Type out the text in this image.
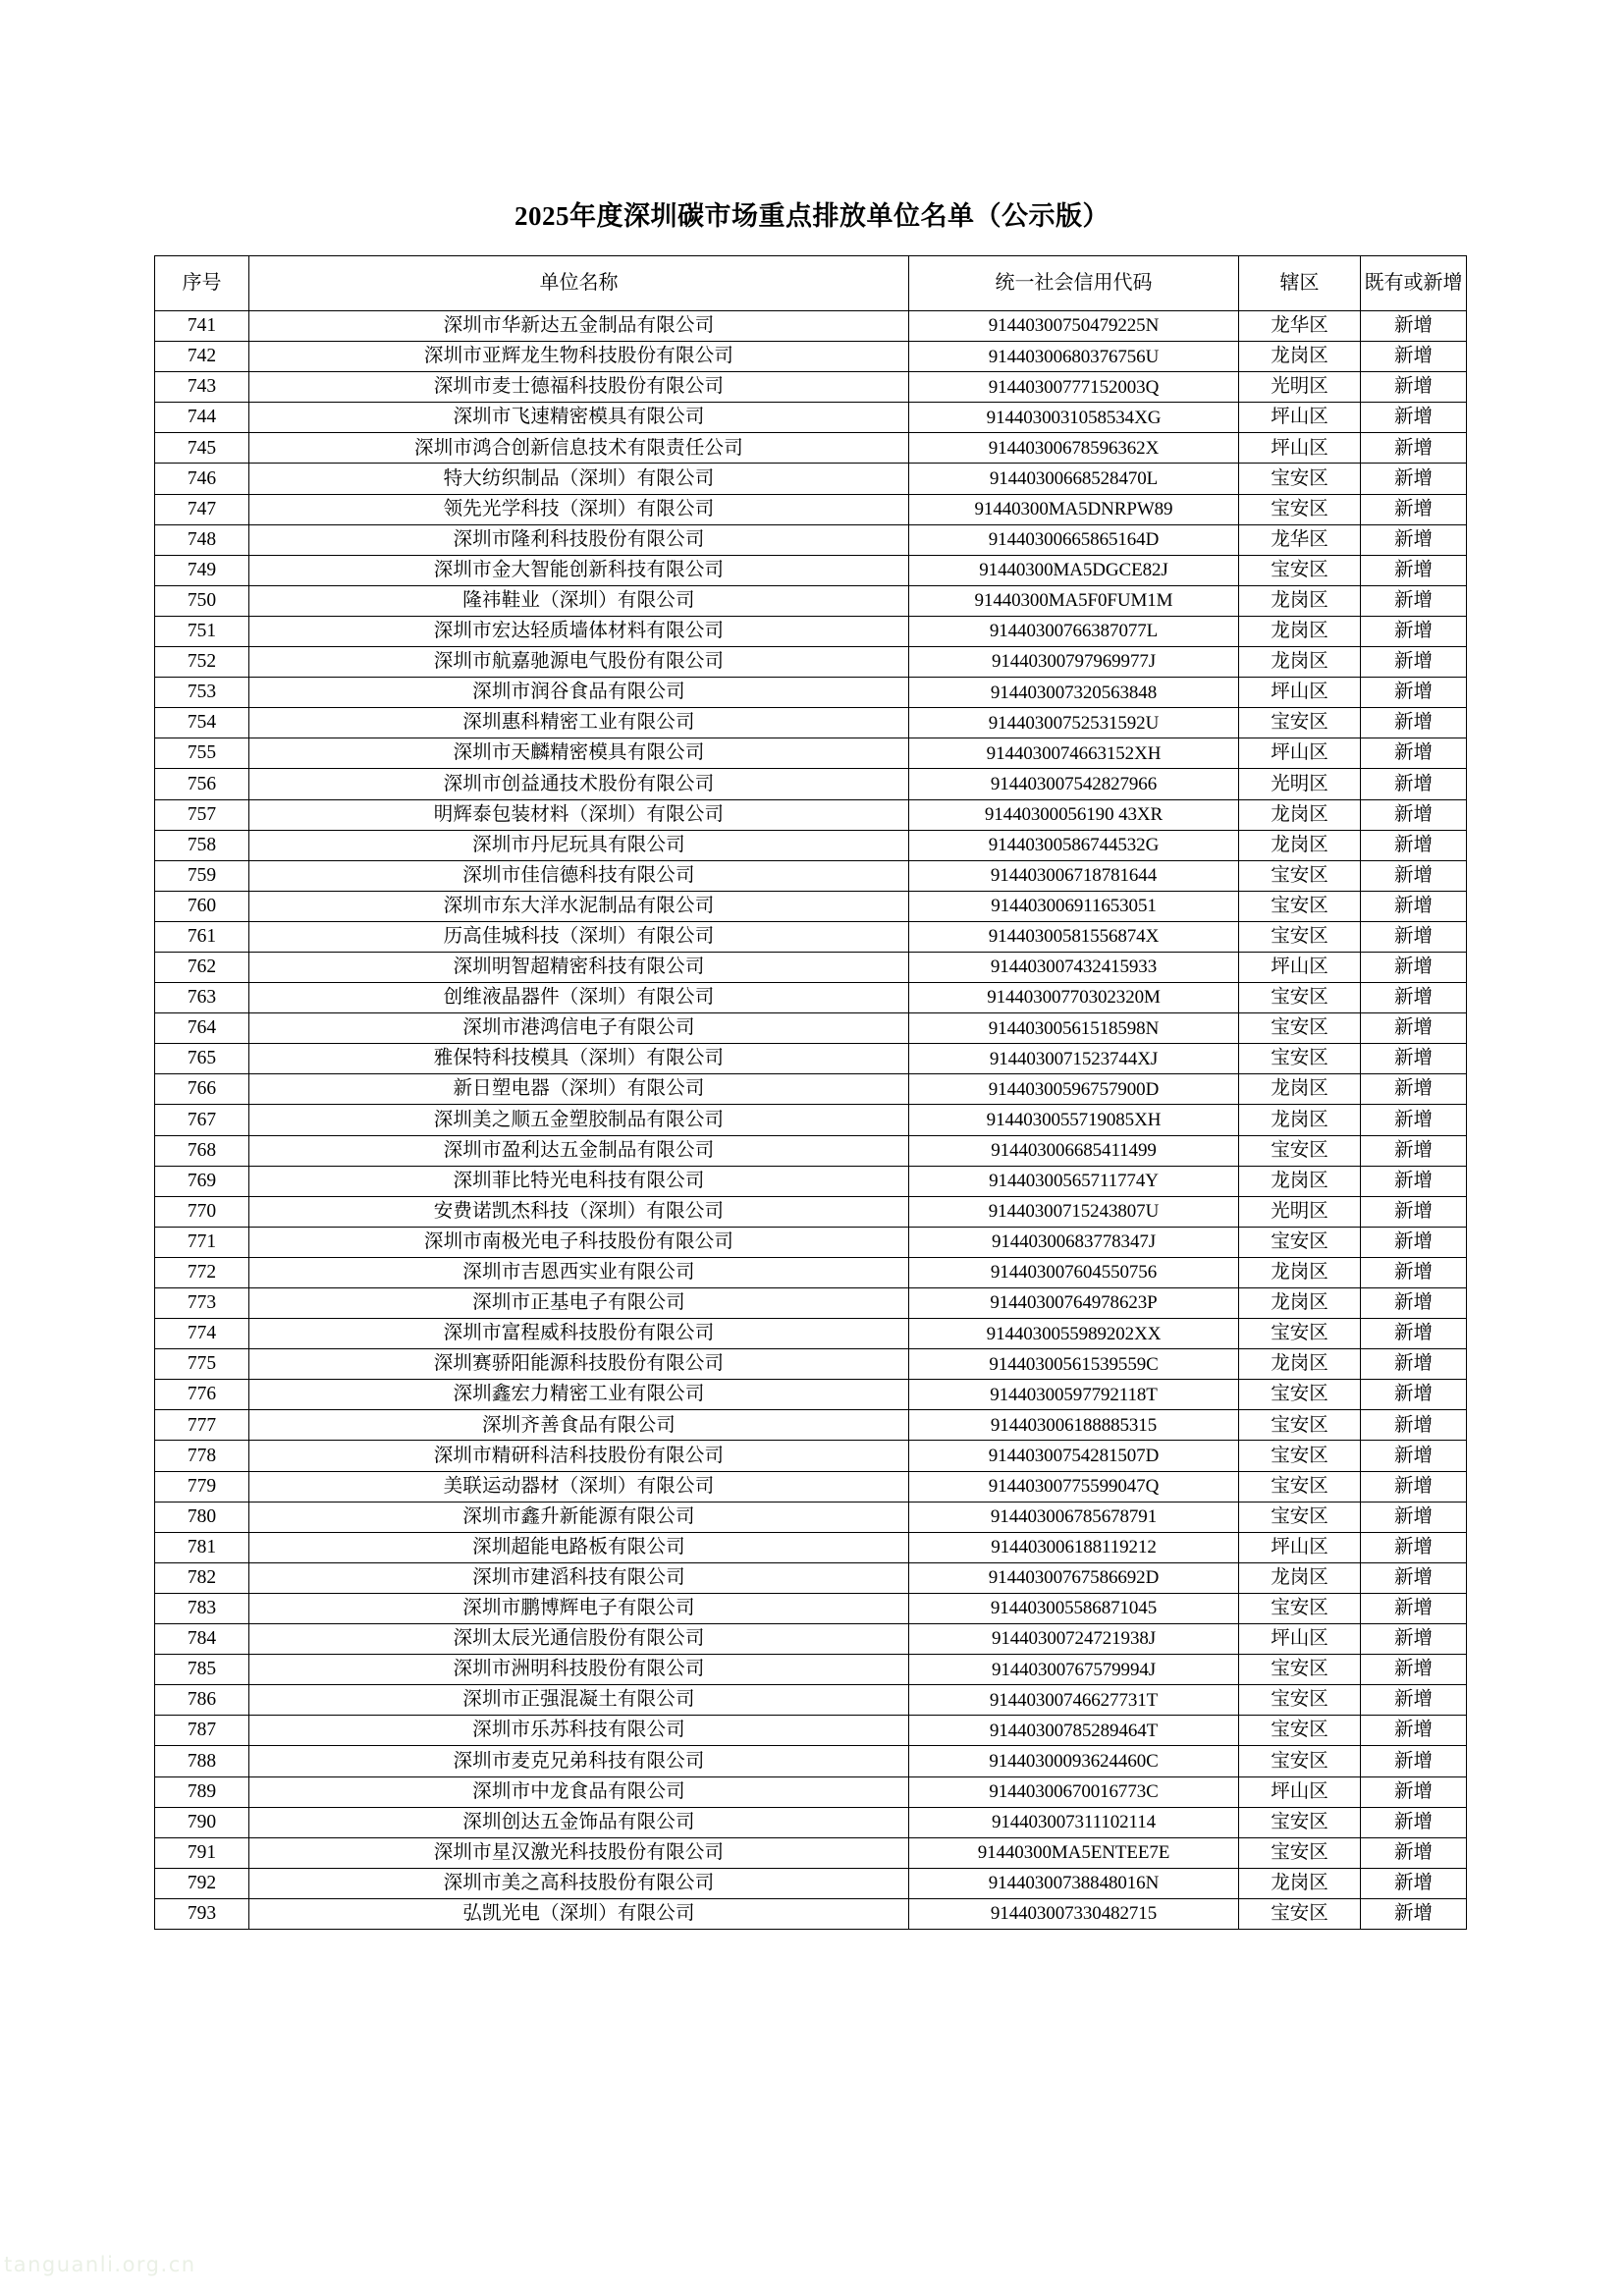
2025年度深圳碳市场重点排放单位名单（公示版）
序号	单位名称	统一社会信用代码	辖区	既有或新增
741	深圳市华新达五金制品有限公司	91440300750479225N	龙华区	新增
742	深圳市亚辉龙生物科技股份有限公司	91440300680376756U	龙岗区	新增
743	深圳市麦士德福科技股份有限公司	91440300777152003Q	光明区	新增
744	深圳市飞速精密模具有限公司	9144030031058534XG	坪山区	新增
745	深圳市鸿合创新信息技术有限责任公司	91440300678596362X	坪山区	新增
746	特大纺织制品（深圳）有限公司	91440300668528470L	宝安区	新增
747	领先光学科技（深圳）有限公司	91440300MA5DNRPW89	宝安区	新增
748	深圳市隆利科技股份有限公司	91440300665865164D	龙华区	新增
749	深圳市金大智能创新科技有限公司	91440300MA5DGCE82J	宝安区	新增
750	隆祎鞋业（深圳）有限公司	91440300MA5F0FUM1M	龙岗区	新增
751	深圳市宏达轻质墙体材料有限公司	91440300766387077L	龙岗区	新增
752	深圳市航嘉驰源电气股份有限公司	91440300797969977J	龙岗区	新增
753	深圳市润谷食品有限公司	914403007320563848	坪山区	新增
754	深圳惠科精密工业有限公司	91440300752531592U	宝安区	新增
755	深圳市天麟精密模具有限公司	9144030074663152XH	坪山区	新增
756	深圳市创益通技术股份有限公司	914403007542827966	光明区	新增
757	明辉泰包装材料（深圳）有限公司	91440300056190 43XR	龙岗区	新增
758	深圳市丹尼玩具有限公司	91440300586744532G	龙岗区	新增
759	深圳市佳信德科技有限公司	914403006718781644	宝安区	新增
760	深圳市东大洋水泥制品有限公司	914403006911653051	宝安区	新增
761	历高佳城科技（深圳）有限公司	91440300581556874X	宝安区	新增
762	深圳明智超精密科技有限公司	914403007432415933	坪山区	新增
763	创维液晶器件（深圳）有限公司	91440300770302320M	宝安区	新增
764	深圳市港鸿信电子有限公司	91440300561518598N	宝安区	新增
765	雅保特科技模具（深圳）有限公司	9144030071523744XJ	宝安区	新增
766	新日塑电器（深圳）有限公司	91440300596757900D	龙岗区	新增
767	深圳美之顺五金塑胶制品有限公司	9144030055719085XH	龙岗区	新增
768	深圳市盈利达五金制品有限公司	914403006685411499	宝安区	新增
769	深圳菲比特光电科技有限公司	91440300565711774Y	龙岗区	新增
770	安费诺凯杰科技（深圳）有限公司	91440300715243807U	光明区	新增
771	深圳市南极光电子科技股份有限公司	91440300683778347J	宝安区	新增
772	深圳市吉恩西实业有限公司	914403007604550756	龙岗区	新增
773	深圳市正基电子有限公司	91440300764978623P	龙岗区	新增
774	深圳市富程威科技股份有限公司	9144030055989202XX	宝安区	新增
775	深圳赛骄阳能源科技股份有限公司	91440300561539559C	龙岗区	新增
776	深圳鑫宏力精密工业有限公司	91440300597792118T	宝安区	新增
777	深圳齐善食品有限公司	914403006188885315	宝安区	新增
778	深圳市精研科洁科技股份有限公司	91440300754281507D	宝安区	新增
779	美联运动器材（深圳）有限公司	91440300775599047Q	宝安区	新增
780	深圳市鑫升新能源有限公司	914403006785678791	宝安区	新增
781	深圳超能电路板有限公司	914403006188119212	坪山区	新增
782	深圳市建滔科技有限公司	91440300767586692D	龙岗区	新增
783	深圳市鹏博辉电子有限公司	914403005586871045	宝安区	新增
784	深圳太辰光通信股份有限公司	91440300724721938J	坪山区	新增
785	深圳市洲明科技股份有限公司	91440300767579994J	宝安区	新增
786	深圳市正强混凝土有限公司	91440300746627731T	宝安区	新增
787	深圳市乐苏科技有限公司	91440300785289464T	宝安区	新增
788	深圳市麦克兄弟科技有限公司	91440300093624460C	宝安区	新增
789	深圳市中龙食品有限公司	91440300670016773C	坪山区	新增
790	深圳创达五金饰品有限公司	914403007311102114	宝安区	新增
791	深圳市星汉激光科技股份有限公司	91440300MA5ENTEE7E	宝安区	新增
792	深圳市美之高科技股份有限公司	91440300738848016N	龙岗区	新增
793	弘凯光电（深圳）有限公司	914403007330482715	宝安区	新增
tanguanli.org.cn
